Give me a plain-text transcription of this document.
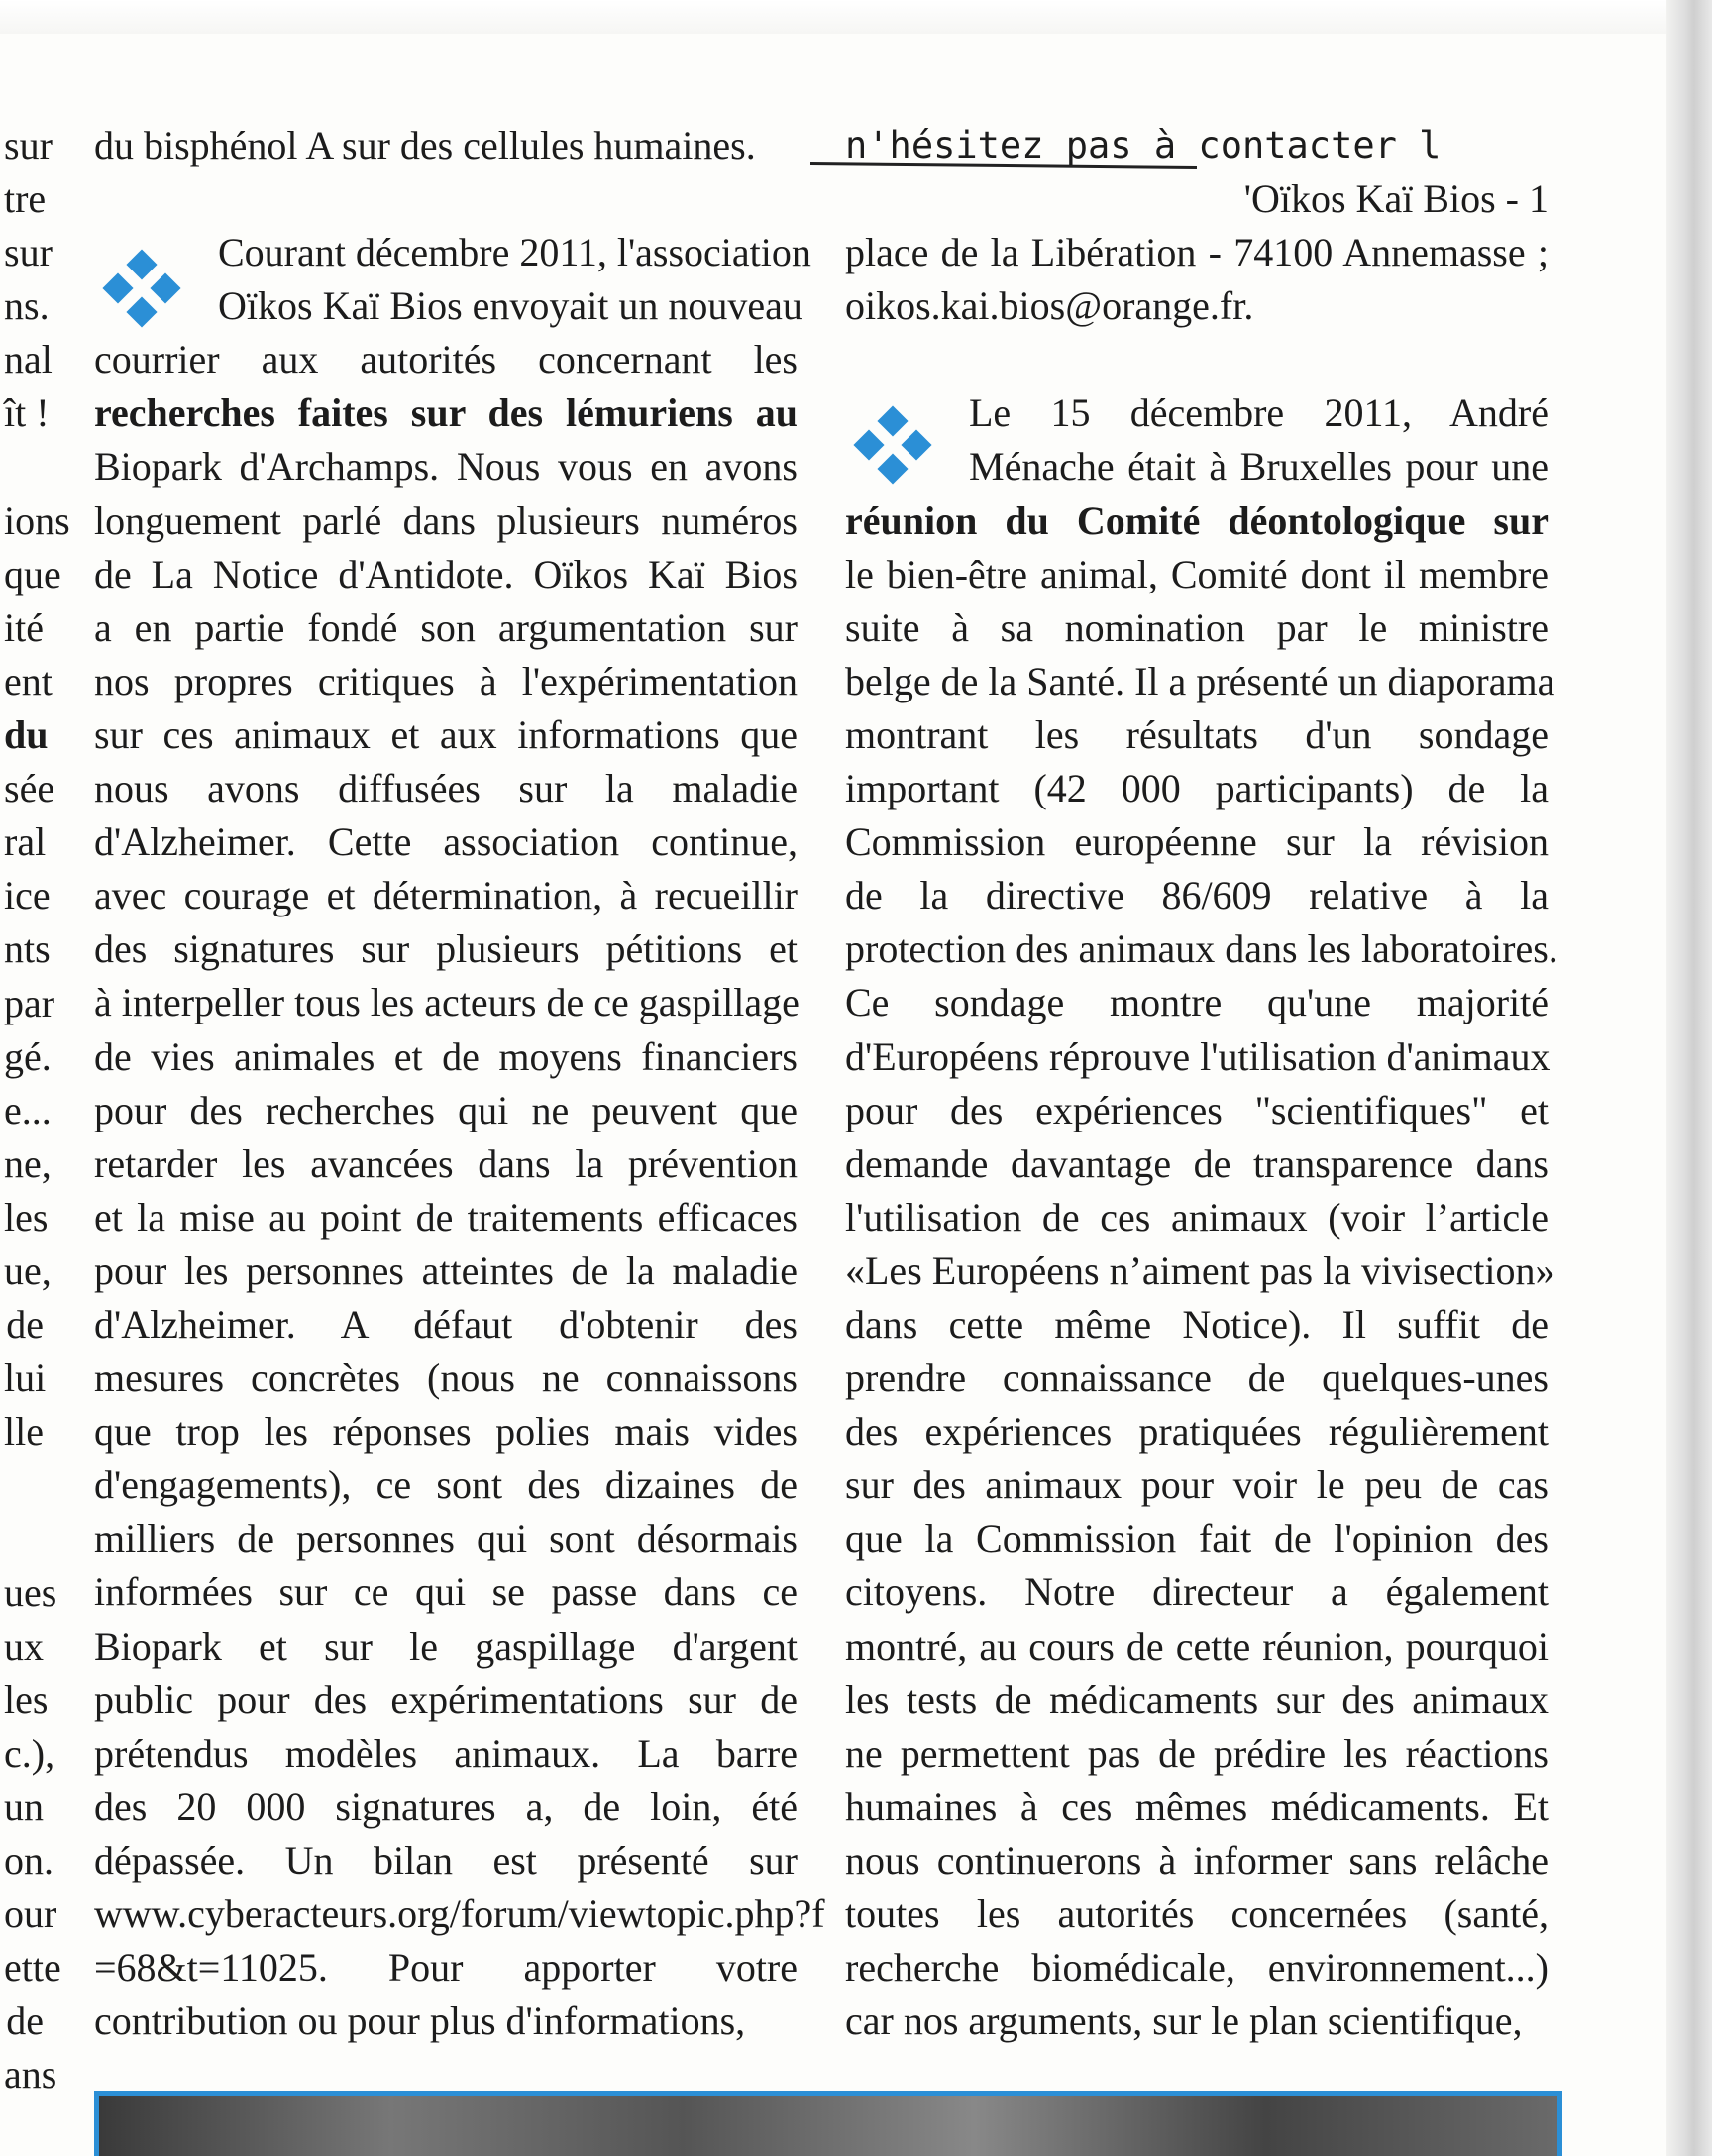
sur
tre
sur
ns.
nal
ît !
ions
que
ité
ent
du
sée
ral
ice
nts
par
gé.
e...
ne,
les
ue,
de
lui
lle
ues
ux
les
c.),
un
on.
our
ette
de
ans
du bisphénol A sur des cellules humaines.
Courant décembre 2011, l'association
Oïkos Kaï Bios envoyait un nouveau
courrier aux autorités concernant les
recherches faites sur des lémuriens au
Biopark d'Archamps. Nous vous en avons
longuement parlé dans plusieurs numéros
de La Notice d'Antidote. Oïkos Kaï Bios
a en partie fondé son argumentation sur
nos propres critiques à l'expérimentation
sur ces animaux et aux informations que
nous avons diffusées sur la maladie
d'Alzheimer. Cette association continue,
avec courage et détermination, à recueillir
des signatures sur plusieurs pétitions et
à interpeller tous les acteurs de ce gaspillage
de vies animales et de moyens financiers
pour des recherches qui ne peuvent que
retarder les avancées dans la prévention
et la mise au point de traitements efficaces
pour les personnes atteintes de la maladie
d'Alzheimer. A défaut d'obtenir des
mesures concrètes (nous ne connaissons
que trop les réponses polies mais vides
d'engagements), ce sont des dizaines de
milliers de personnes qui sont désormais
informées sur ce qui se passe dans ce
Biopark et sur le gaspillage d'argent
public pour des expérimentations sur de
prétendus modèles animaux. La barre
des 20 000 signatures a, de loin, été
dépassée. Un bilan est présenté sur
www.cyberacteurs.org/forum/viewtopic.php?f
=68&t=11025. Pour apporter votre
contribution ou pour plus d'informations,
n'hésitez pas à contacter l
'Oïkos Kaï Bios - 1
place de la Libération - 74100 Annemasse ;
oikos.kai.bios@orange.fr.
Le 15 décembre 2011, André
Ménache était à Bruxelles pour une
réunion du Comité déontologique sur
le bien-être animal, Comité dont il membre
suite à sa nomination par le ministre
belge de la Santé. Il a présenté un diaporama
montrant les résultats d'un sondage
important (42 000 participants) de la
Commission européenne sur la révision
de la directive 86/609 relative à la
protection des animaux dans les laboratoires.
Ce sondage montre qu'une majorité
d'Européens réprouve l'utilisation d'animaux
pour des expériences "scientifiques" et
demande davantage de transparence dans
l'utilisation de ces animaux (voir l’article
«Les Européens n’aiment pas la vivisection»
dans cette même Notice). Il suffit de
prendre connaissance de quelques-unes
des expériences pratiquées régulièrement
sur des animaux pour voir le peu de cas
que la Commission fait de l'opinion des
citoyens. Notre directeur a également
montré, au cours de cette réunion, pourquoi
les tests de médicaments sur des animaux
ne permettent pas de prédire les réactions
humaines à ces mêmes médicaments. Et
nous continuerons à informer sans relâche
toutes les autorités concernées (santé,
recherche biomédicale, environnement...)
car nos arguments, sur le plan scientifique,
